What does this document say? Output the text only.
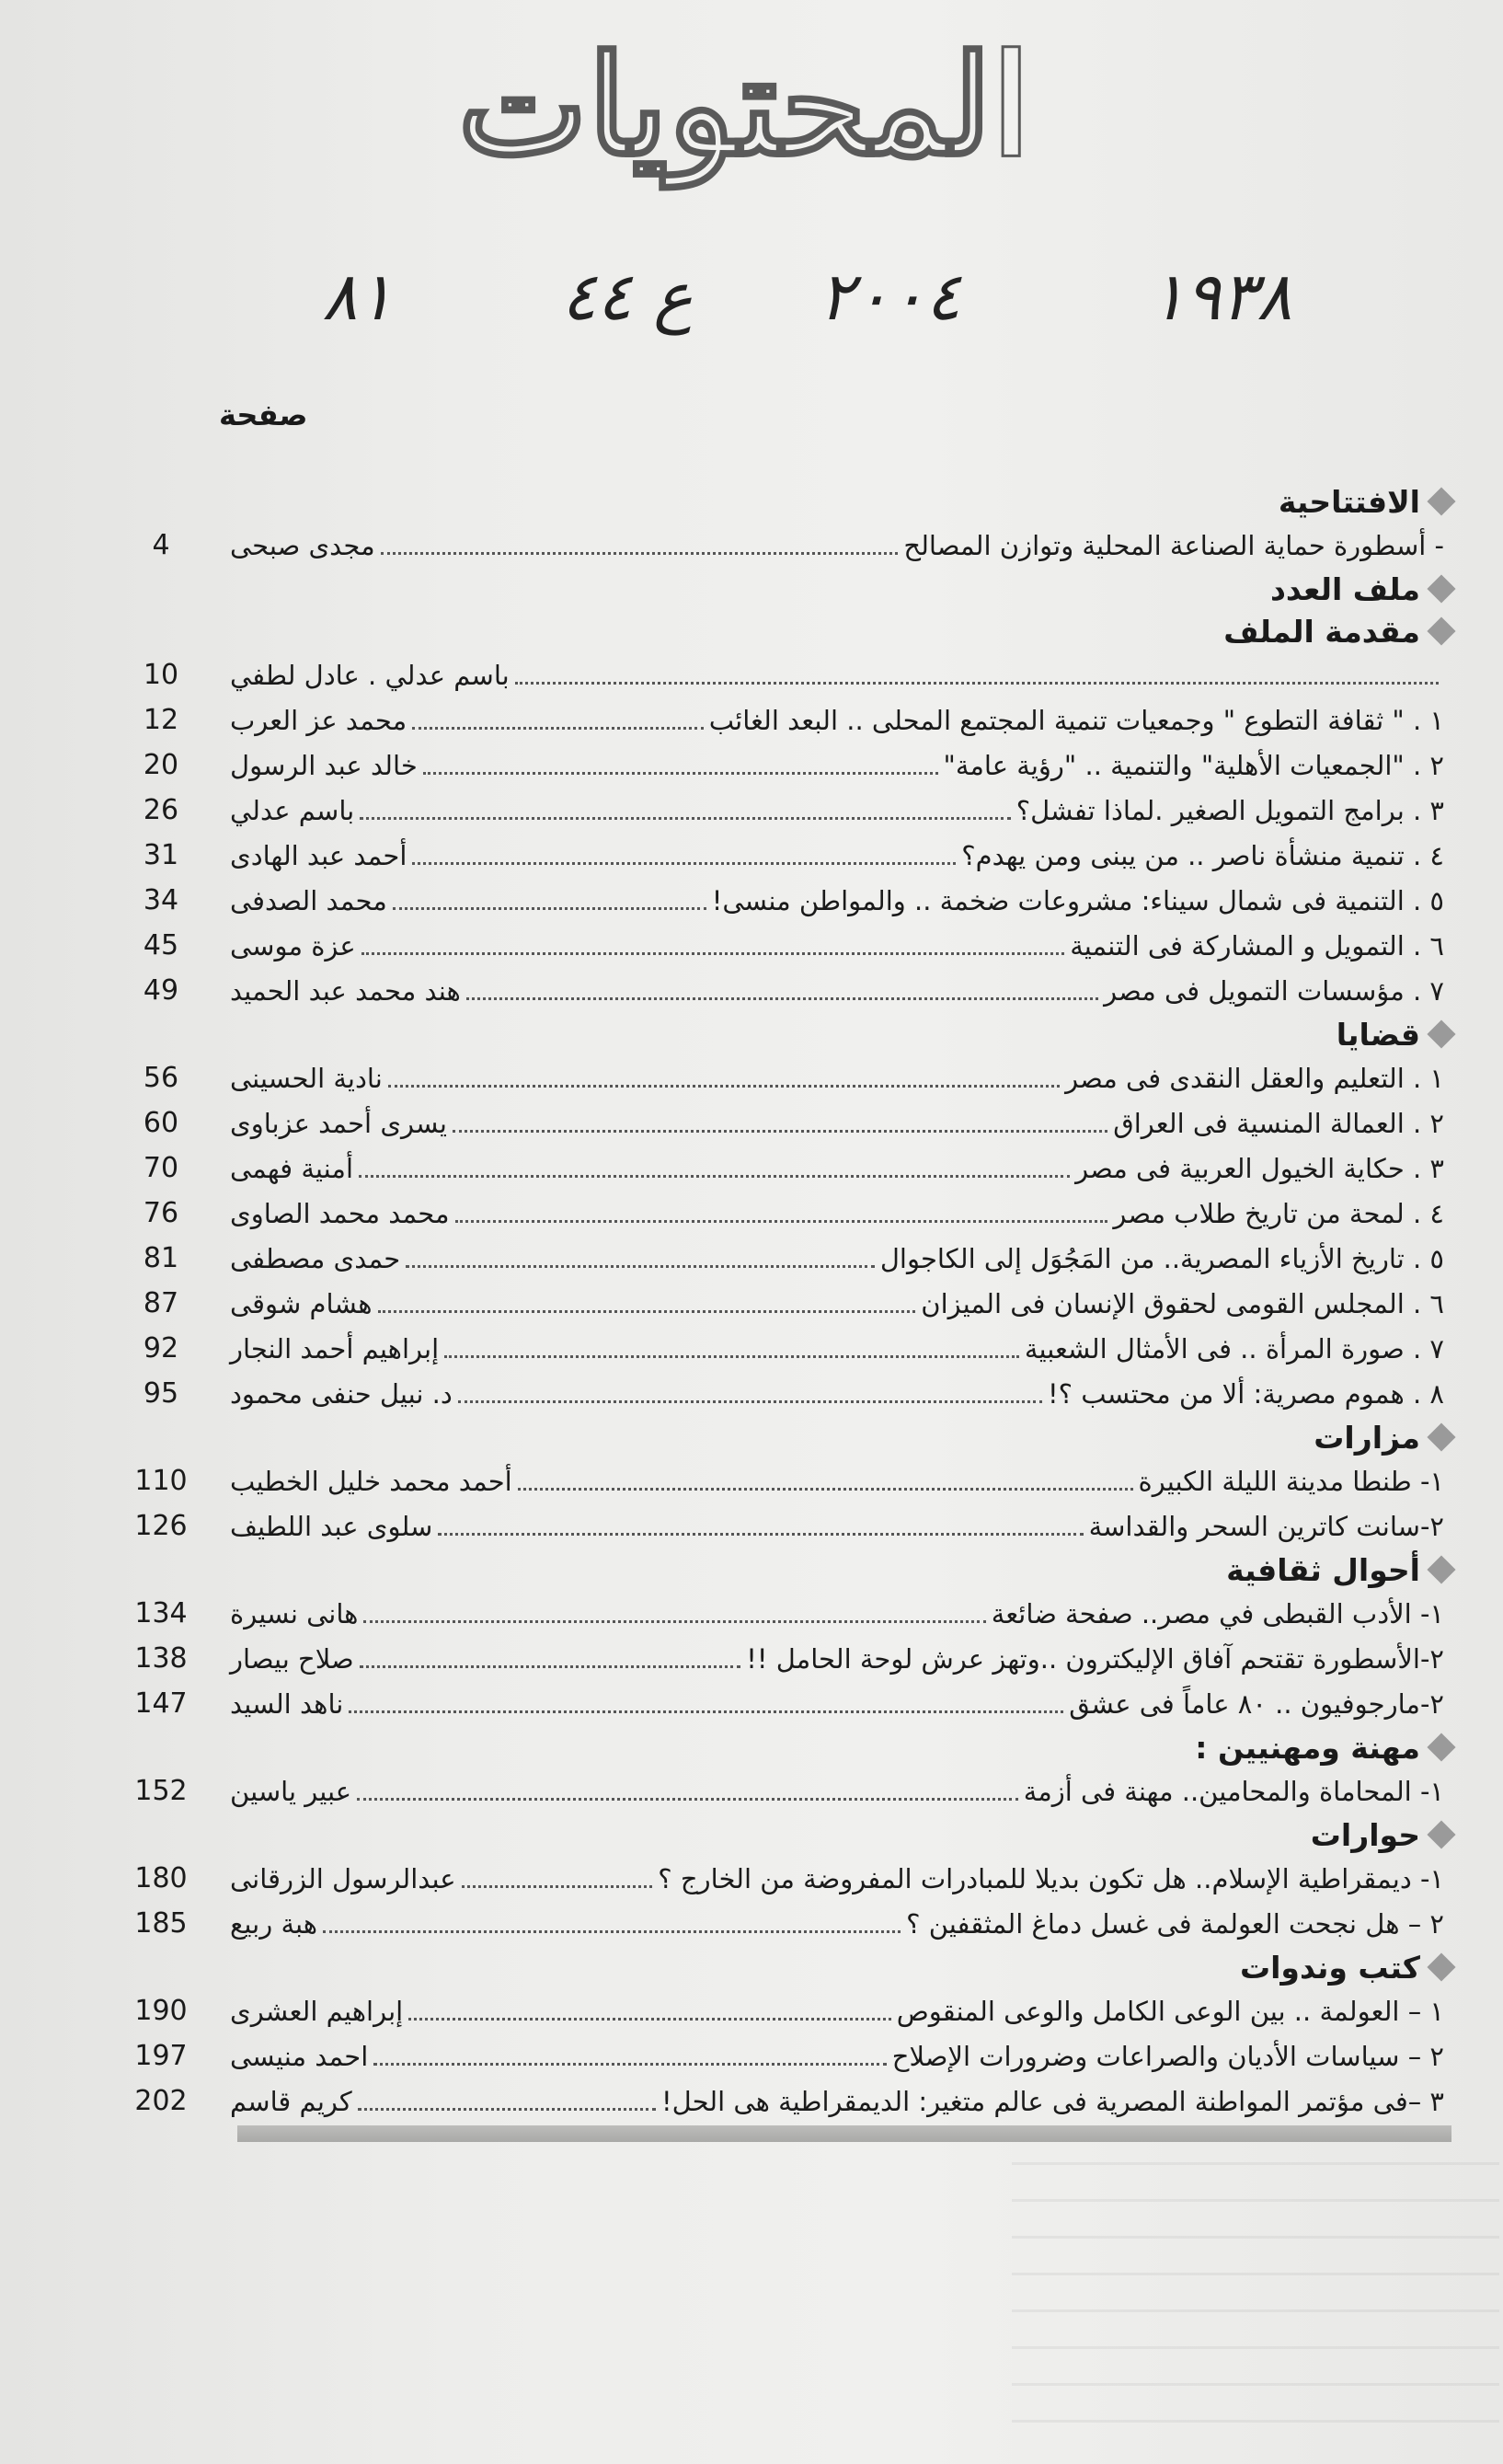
المحتويات
٨١	ع ٤٤ ٢٠٠٤	١٩٣٨
صفحة
الافتتاحية
- أسطورة حماية الصناعة المحلية وتوازن المصالح
مجدى صبحى
4
ملف العدد
مقدمة الملف
باسم عدلي . عادل لطفي
10
١ . " ثقافة التطوع " وجمعيات تنمية المجتمع المحلى .. البعد الغائب
محمد عز العرب
12
٢ . "الجمعيات الأهلية" والتنمية .. "رؤية عامة"
خالد عبد الرسول
20
٣ . برامج التمويل الصغير .لماذا تفشل؟
باسم عدلي
26
٤ . تنمية منشأة ناصر .. من يبنى ومن يهدم؟
أحمد عبد الهادى
31
٥ . التنمية فى شمال سيناء: مشروعات ضخمة .. والمواطن منسى!
محمد الصدفى
34
٦ . التمويل و المشاركة فى التنمية
عزة موسى
45
٧ . مؤسسات التمويل فى مصر
هند محمد عبد الحميد
49
قضايا
١ . التعليم والعقل النقدى فى مصر
نادية الحسينى
56
٢ . العمالة المنسية فى العراق
يسرى أحمد عزباوى
60
٣ . حكاية الخيول العربية فى مصر
أمنية فهمى
70
٤ . لمحة من تاريخ طلاب مصر
محمد محمد الصاوى
76
٥ . تاريخ الأزياء المصرية.. من المَجُوَل إلى الكاجوال
حمدى مصطفى
81
٦ . المجلس القومى لحقوق الإنسان فى الميزان
هشام شوقى
87
٧ . صورة المرأة .. فى الأمثال الشعبية
إبراهيم أحمد النجار
92
٨ . هموم مصرية: ألا من محتسب ؟!
د. نبيل حنفى محمود
95
مزارات
١- طنطا مدينة الليلة الكبيرة
أحمد محمد خليل الخطيب
110
٢-سانت كاترين السحر والقداسة
سلوى عبد اللطيف
126
أحوال ثقافية
١- الأدب القبطى في مصر.. صفحة ضائعة
هانى نسيرة
134
٢-الأسطورة تقتحم آفاق الإليكترون ..وتهز عرش لوحة الحامل !!
صلاح بيصار
138
٢-مارجوفيون .. ٨٠ عاماً فى عشق
ناهد السيد
147
مهنة ومهنيين :
١- المحاماة والمحامين.. مهنة فى أزمة
عبير ياسين
152
حوارات
١- ديمقراطية الإسلام.. هل تكون بديلا للمبادرات المفروضة من الخارج ؟
عبدالرسول الزرقانى
180
٢ – هل نجحت العولمة فى غسل دماغ المثقفين ؟
هبة ربيع
185
كتب وندوات
١ – العولمة .. بين الوعى الكامل والوعى المنقوص
إبراهيم العشرى
190
٢ – سياسات الأديان والصراعات وضرورات الإصلاح
احمد منيسى
197
٣ –فى مؤتمر المواطنة المصرية فى عالم متغير: الديمقراطية هى الحل!
كريم قاسم
202
